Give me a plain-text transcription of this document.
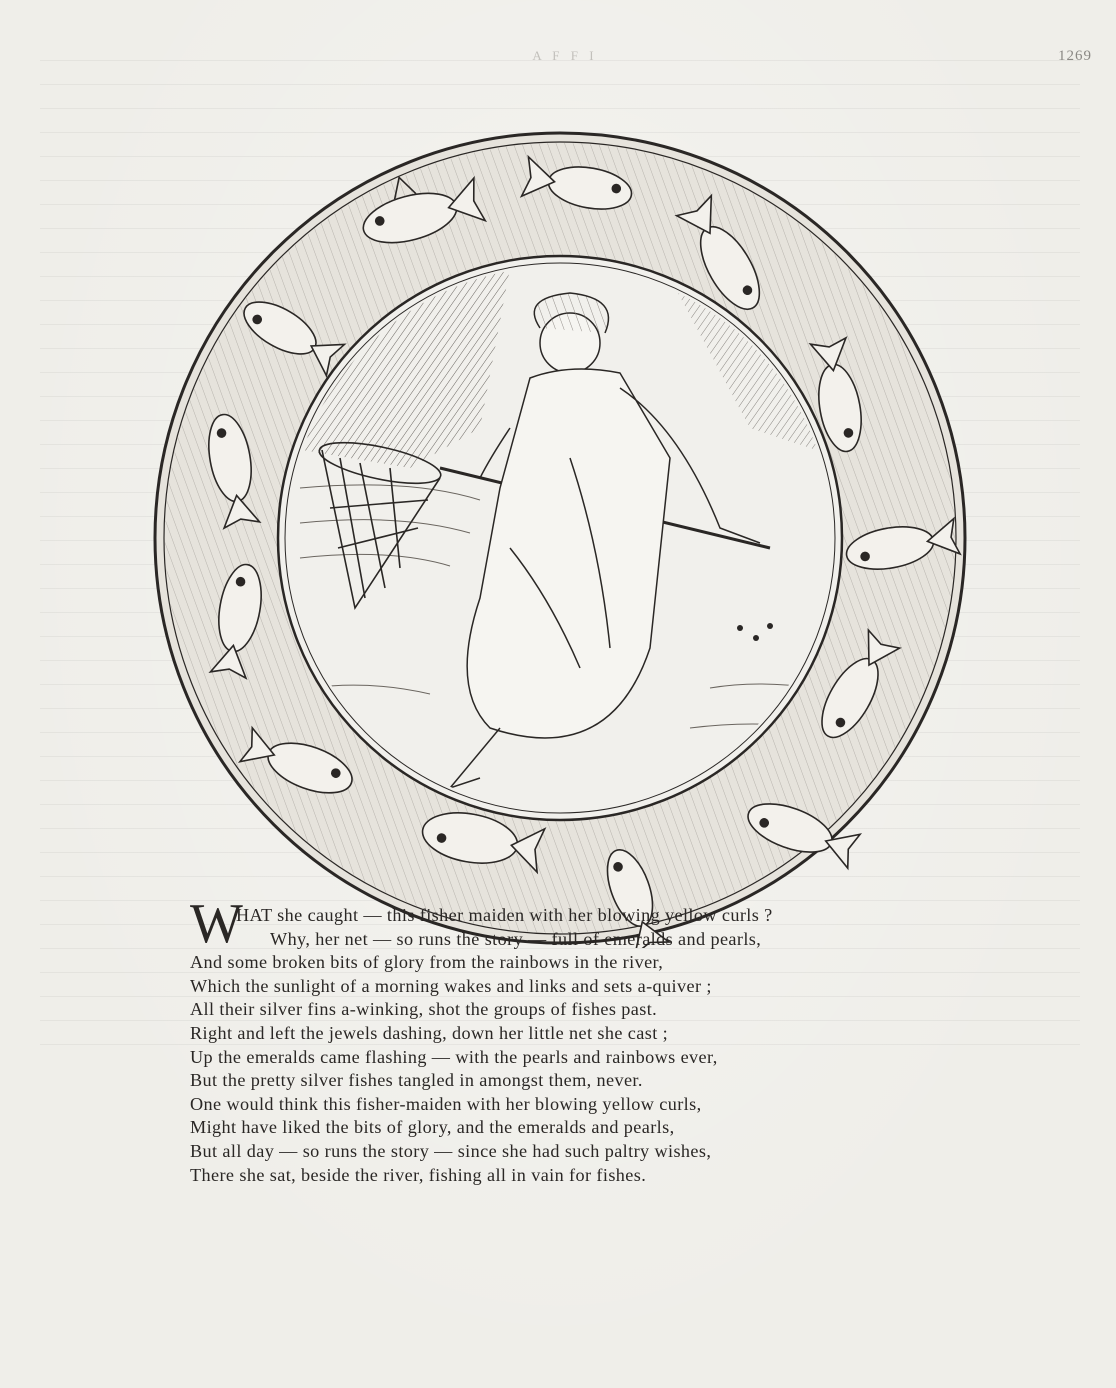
A F F I	1269
W
HAT she caught — this fisher maiden with her blowing yellow curls ?
Why, her net — so runs the story — full of emeralds and pearls,
And some broken bits of glory from the rainbows in the river,
Which the sunlight of a morning wakes and links and sets a-quiver ;
All their silver fins a-winking, shot the groups of fishes past.
Right and left the jewels dashing, down her little net she cast ;
Up the emeralds came flashing — with the pearls and rainbows ever,
But the pretty silver fishes tangled in amongst them, never.
One would think this fisher-maiden with her blowing yellow curls,
Might have liked the bits of glory, and the emeralds and pearls,
But all day — so runs the story — since she had such paltry wishes,
There she sat, beside the river, fishing all in vain for fishes.
